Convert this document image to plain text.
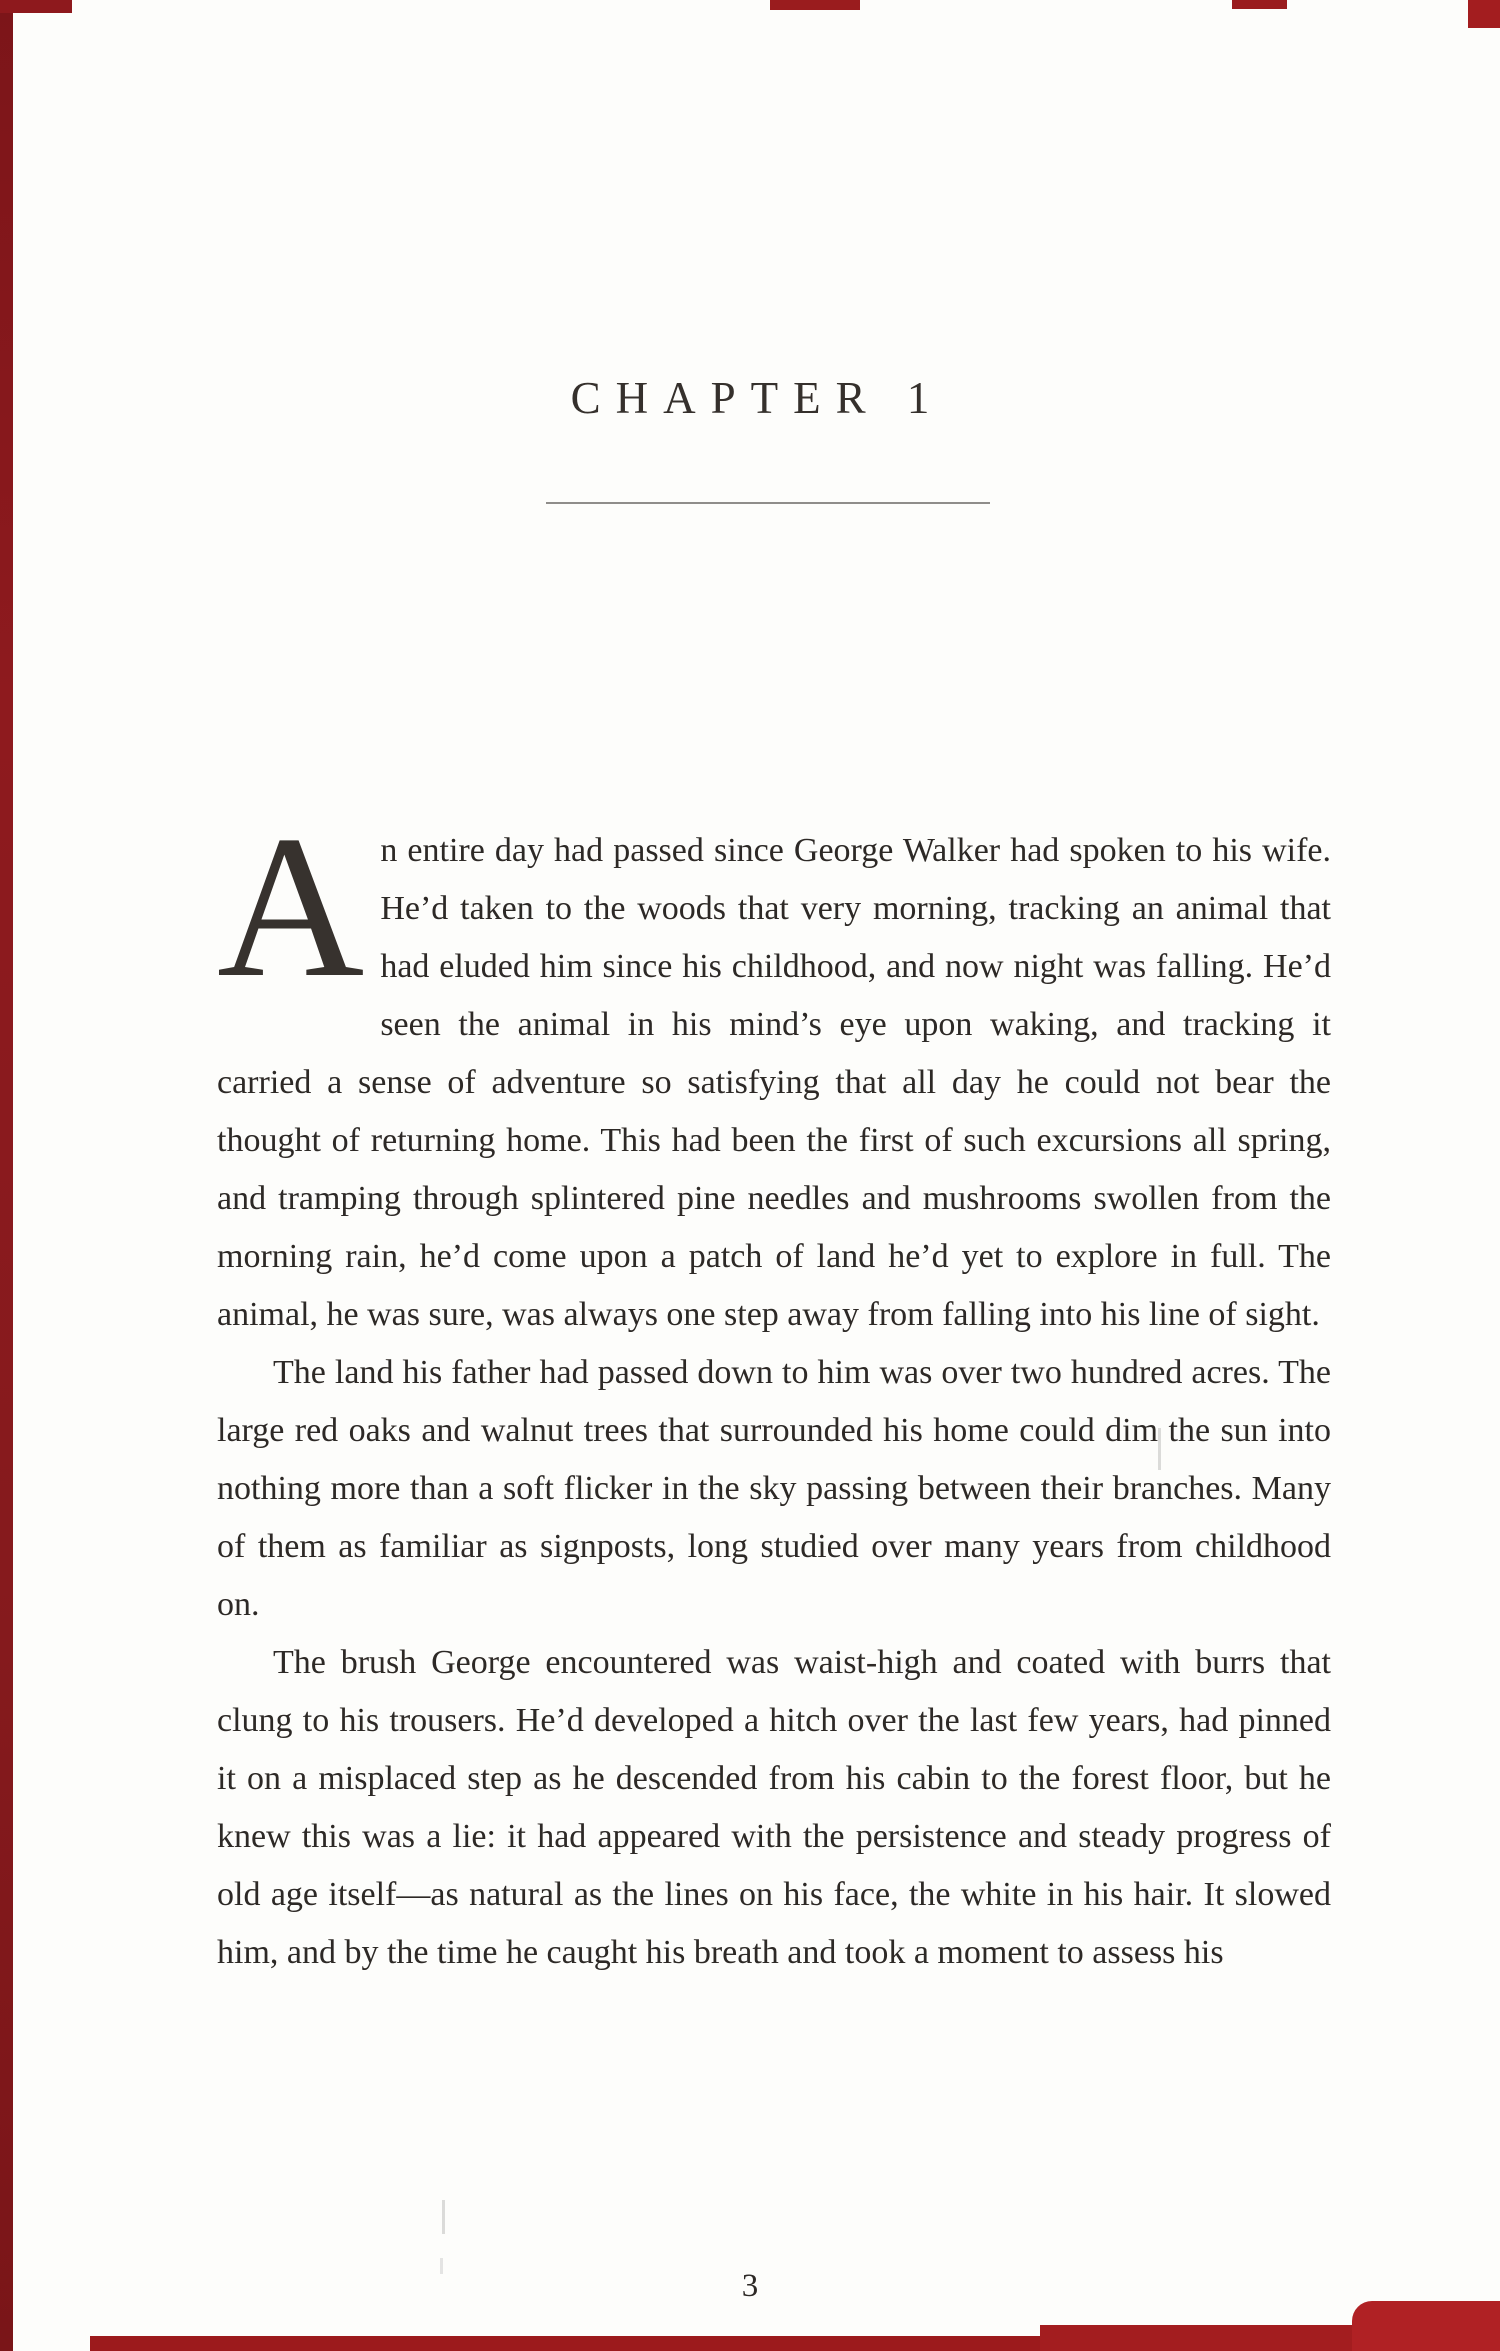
CHAPTER 1

An entire day had passed since George Walker had spoken to his wife. He’d taken to the woods that very morning, tracking an animal that had eluded him since his childhood, and now night was falling. He’d seen the animal in his mind’s eye upon waking, and tracking it carried a sense of adventure so satisfying that all day he could not bear the thought of returning home. This had been the first of such excursions all spring, and tramping through splintered pine needles and mushrooms swollen from the morning rain, he’d come upon a patch of land he’d yet to explore in full. The animal, he was sure, was always one step away from falling into his line of sight.

The land his father had passed down to him was over two hundred acres. The large red oaks and walnut trees that surrounded his home could dim the sun into nothing more than a soft flicker in the sky passing between their branches. Many of them as familiar as signposts, long studied over many years from childhood on.

The brush George encountered was waist-high and coated with burrs that clung to his trousers. He’d developed a hitch over the last few years, had pinned it on a misplaced step as he descended from his cabin to the forest floor, but he knew this was a lie: it had appeared with the persistence and steady progress of old age itself—as natural as the lines on his face, the white in his hair. It slowed him, and by the time he caught his breath and took a moment to assess his

3
